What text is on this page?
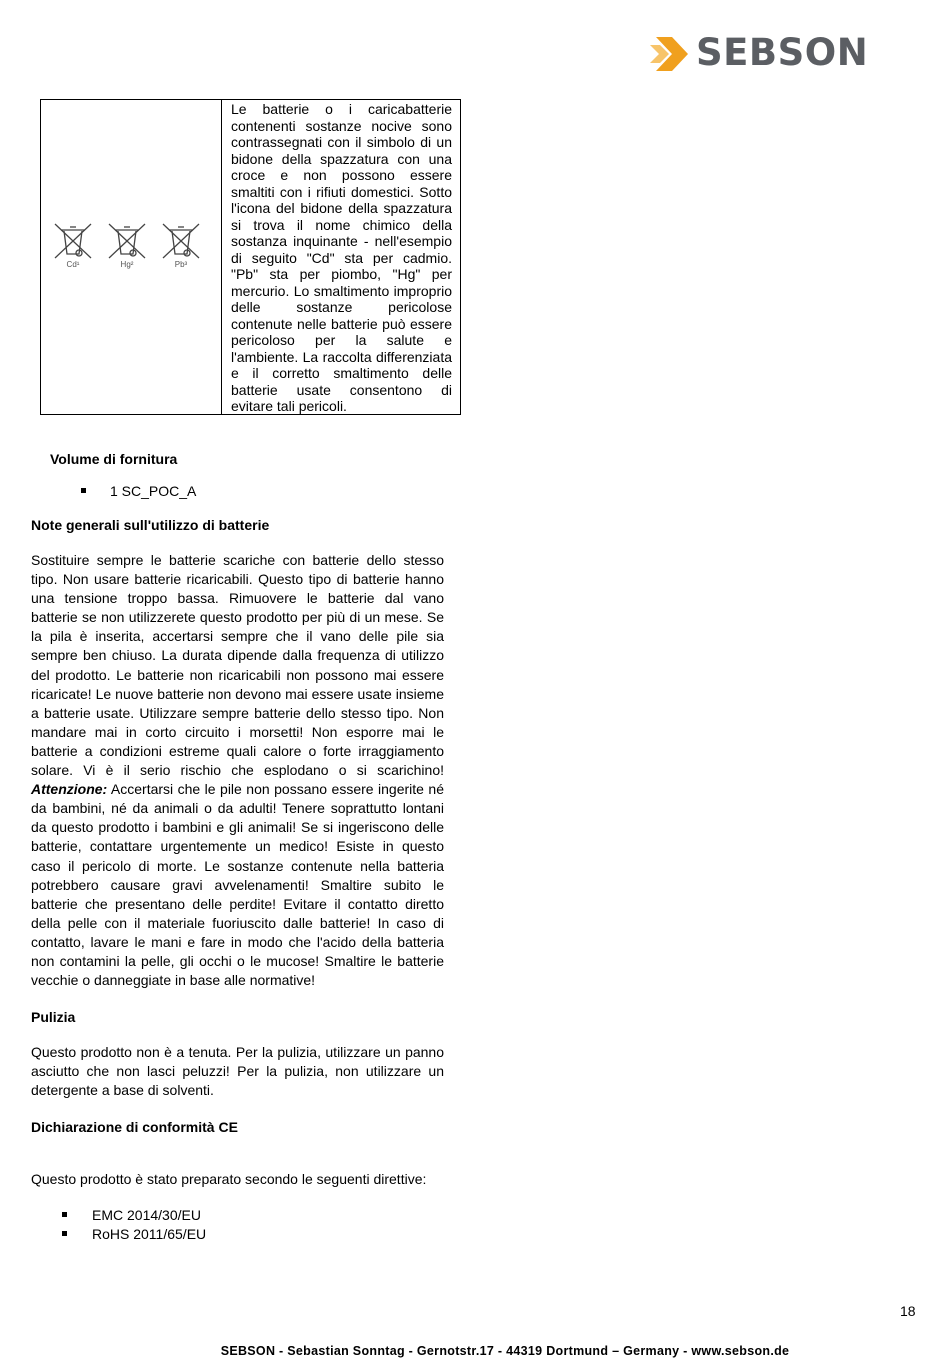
SEBSON
Cd¹	Hg²	Pb³
Le batterie o i caricabatterie contenenti sostanze nocive sono contrassegnati con il simbolo di un bidone della spazzatura con una croce e non possono essere smaltiti con i rifiuti domestici. Sotto l'icona del bidone della spazzatura si trova il nome chimico della sostanza inquinante - nell'esempio di seguito "Cd" sta per cadmio. "Pb" sta per piombo, "Hg" per mercurio. Lo smaltimento improprio delle sostanze pericolose contenute nelle batterie può essere pericoloso per la salute e l'ambiente. La raccolta differenziata e il corretto smaltimento delle batterie usate consentono di evitare tali pericoli.
Volume di fornitura
1 SC_POC_A
Note generali sull'utilizzo di batterie

Sostituire sempre le batterie scariche con batterie dello stesso tipo. Non usare batterie ricaricabili. Questo tipo di batterie hanno una tensione troppo bassa. Rimuovere le batterie dal vano batterie se non utilizzerete questo prodotto per più di un mese. Se la pila è inserita, accertarsi sempre che il vano delle pile sia sempre ben chiuso. La durata dipende dalla frequenza di utilizzo del prodotto. Le batterie non ricaricabili non possono mai essere ricaricate! Le nuove batterie non devono mai essere usate insieme a batterie usate. Utilizzare sempre batterie dello stesso tipo. Non mandare mai in corto circuito i morsetti! Non esporre mai le batterie a condizioni estreme quali calore o forte irraggiamento solare. Vi è il serio rischio che esplodano o si scarichino! Attenzione: Accertarsi che le pile non possano essere ingerite né da bambini, né da animali o da adulti! Tenere soprattutto lontani da questo prodotto i bambini e gli animali! Se si ingeriscono delle batterie, contattare urgentemente un medico! Esiste in questo caso il pericolo di morte. Le sostanze contenute nella batteria potrebbero causare gravi avvelenamenti! Smaltire subito le batterie che presentano delle perdite! Evitare il contatto diretto della pelle con il materiale fuoriuscito dalle batterie! In caso di contatto, lavare le mani e fare in modo che l'acido della batteria non contamini la pelle, gli occhi o le mucose! Smaltire le batterie vecchie o danneggiate in base alle normative!

Pulizia

Questo prodotto non è a tenuta. Per la pulizia, utilizzare un panno asciutto che non lasci peluzzi! Per la pulizia, non utilizzare un detergente a base di solventi.

Dichiarazione di conformità CE

Questo prodotto è stato preparato secondo le seguenti direttive:

EMC 2014/30/EU
RoHS 2011/65/EU
18
SEBSON - Sebastian Sonntag - Gernotstr.17 - 44319 Dortmund – Germany - www.sebson.de
